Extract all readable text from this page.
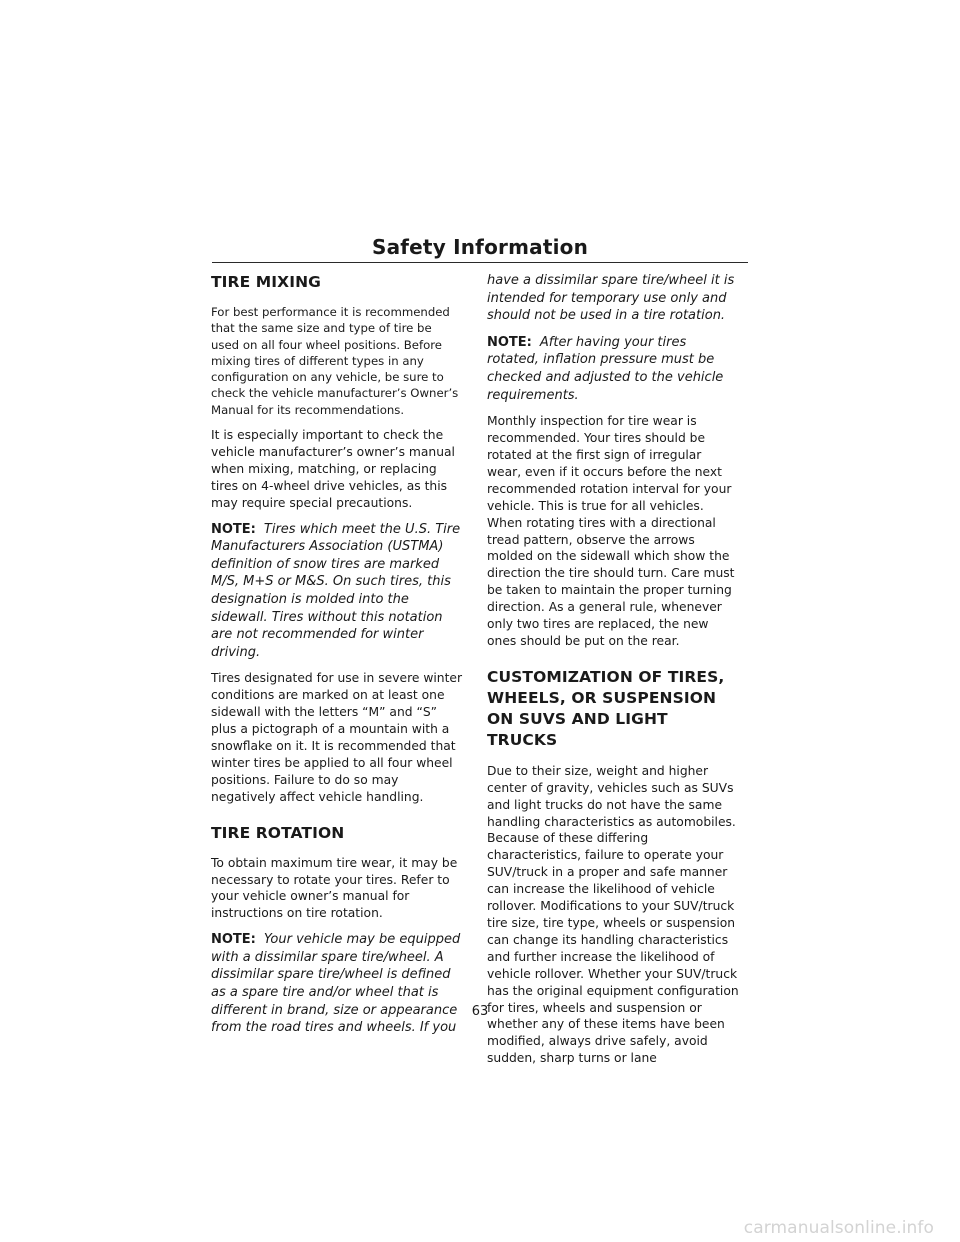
Safety Information
TIRE MIXING

For best performance it is recommended that the same size and type of tire be used on all four wheel positions. Before mixing tires of different types in any configuration on any vehicle, be sure to check the vehicle manufacturer’s Owner’s Manual for its recommendations.

It is especially important to check the vehicle manufacturer’s owner’s manual when mixing, matching, or replacing tires on 4-wheel drive vehicles, as this may require special precautions.

NOTE: Tires which meet the U.S. Tire Manufacturers Association (USTMA) definition of snow tires are marked M/S, M+S or M&S. On such tires, this designation is molded into the sidewall. Tires without this notation are not recommended for winter driving.

Tires designated for use in severe winter conditions are marked on at least one sidewall with the letters “M” and “S” plus a pictograph of a mountain with a snowflake on it. It is recommended that winter tires be applied to all four wheel positions. Failure to do so may negatively affect vehicle handling.

TIRE ROTATION

To obtain maximum tire wear, it may be necessary to rotate your tires. Refer to your vehicle owner’s manual for instructions on tire rotation.

NOTE: Your vehicle may be equipped with a dissimilar spare tire/wheel. A dissimilar spare tire/wheel is defined as a spare tire and/or wheel that is different in brand, size or appearance from the road tires and wheels. If you

have a dissimilar spare tire/wheel it is intended for temporary use only and should not be used in a tire rotation.

NOTE: After having your tires rotated, inflation pressure must be checked and adjusted to the vehicle requirements.

Monthly inspection for tire wear is recommended. Your tires should be rotated at the first sign of irregular wear, even if it occurs before the next recommended rotation interval for your vehicle. This is true for all vehicles. When rotating tires with a directional tread pattern, observe the arrows molded on the sidewall which show the direction the tire should turn. Care must be taken to maintain the proper turning direction. As a general rule, whenever only two tires are replaced, the new ones should be put on the rear.

CUSTOMIZATION OF TIRES, WHEELS, OR SUSPENSION ON SUVS AND LIGHT TRUCKS

Due to their size, weight and higher center of gravity, vehicles such as SUVs and light trucks do not have the same handling characteristics as automobiles. Because of these differing characteristics, failure to operate your SUV/truck in a proper and safe manner can increase the likelihood of vehicle rollover. Modifications to your SUV/truck tire size, tire type, wheels or suspension can change its handling characteristics and further increase the likelihood of vehicle rollover. Whether your SUV/truck has the original equipment configuration for tires, wheels and suspension or whether any of these items have been modified, always drive safely, avoid sudden, sharp turns or lane

63
carmanualsonline.info
